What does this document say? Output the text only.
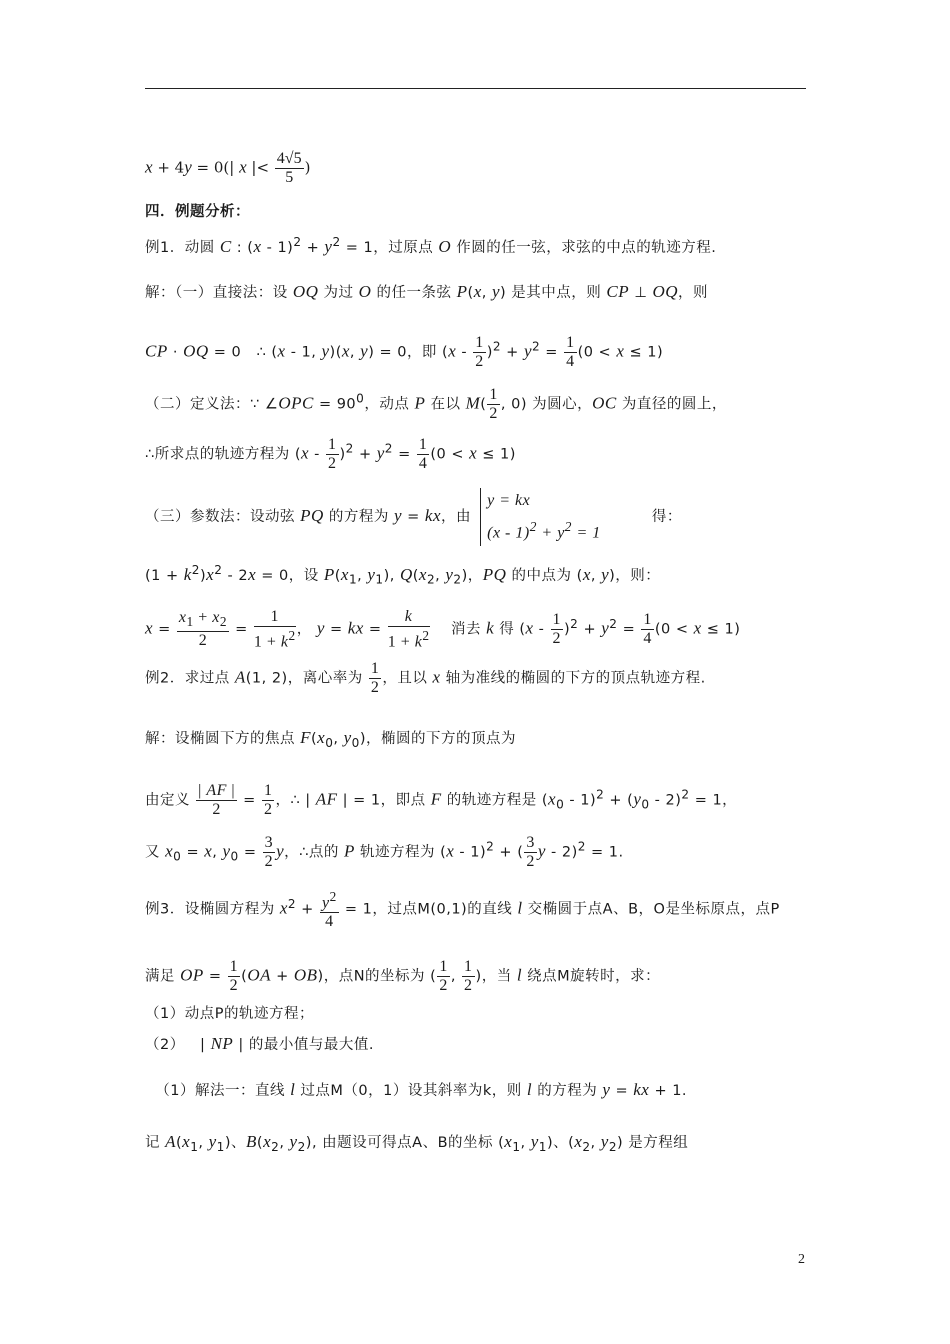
x + 4y = 0(| x |< $\frac{4√5}{5}$ )
四．例题分析：
例1．动圆 C : $(x - 1)^2 + y^2 = 1$，过原点 O 作圆的任一弦，求弦的中点的轨迹方程.
解：（一）直接法：设 OQ 为过 O 的任一条弦 P(x, y) 是其中点，则 CP ⊥ OQ，则
CP · OQ = 0   ∴ (x - 1, y)(x, y) = 0，即 $(x - \frac{1}{2} )^2 + y^2 = \frac{1}{4} (0 < x \le 1)$
（二）定义法：∵ ∠OPC = $90^0$，动点 P 在以 $M( \frac{1}{2}$ , 0) 为圆心，OC 为直径的圆上，
∴所求点的轨迹方程为 $(x - \frac{1}{2} )^2 + y^2 = \frac{1}{4} (0 < x \le 1)$
（三）参数法：设动弦 PQ 的方程为 y = kx，由
y = kx
$(x - 1)^2 + y^2 = 1$
得：
$(1 + k^2)x^2 - 2x = 0$，设 $P(x_1$, $y_1$), $Q(x_2$, $y_2$)，PQ 的中点为 (x, y)，则：
$x = \frac{x_1 + x_2}{2} = \frac{1}{1 + k^2}$ ， y = kx = $\frac{k}{1 + k^2}$ 消去 k 得 $(x - \frac{1}{2} )^2 + y^2 = \frac{1}{4} (0 < x \le 1)$
例2．求过点 A(1, 2)，离心率为 $\frac{1}{2}$ ，且以 x 轴为准线的椭圆的下方的顶点轨迹方程.
解：设椭圆下方的焦点 $F(x_0$, $y_0$)，椭圆的下方的顶点为
由定义 $\frac{| AF |}{2} = \frac{1}{2}$ ，∴ | AF | = 1，即点 F 的轨迹方程是 $(x_0 - 1)^2 + (y_0 - 2)^2 = 1$，
又 $x_0 = x$, $y_0 = \frac{3}{2}$ y，∴点的 P 轨迹方程为 (x - 1)$^2$ + ( $\frac{3}{2}$ y - 2)$^2$ = 1.
例3．设椭圆方程为 $x^2 + \frac{y^2}{4} = 1$，过点M(0,1)的直线 l 交椭圆于点A、B，O是坐标原点，点P
满足 OP = $\frac{1}{2} (OA + OB)$，点N的坐标为 ( $\frac{1}{2}$ , $\frac{1}{2}$ )，当 l 绕点M旋转时，求：
（1）动点P的轨迹方程；
（2）   | NP | 的最小值与最大值.
（1）解法一：直线 l 过点M（0，1）设其斜率为k，则 l 的方程为 y = kx + 1.
记 $A(x_1$, $y_1$)、$B(x_2$, $y_2$), 由题设可得点A、B的坐标 ($x_1$, $y_1$)、($x_2$, $y_2$) 是方程组
2
